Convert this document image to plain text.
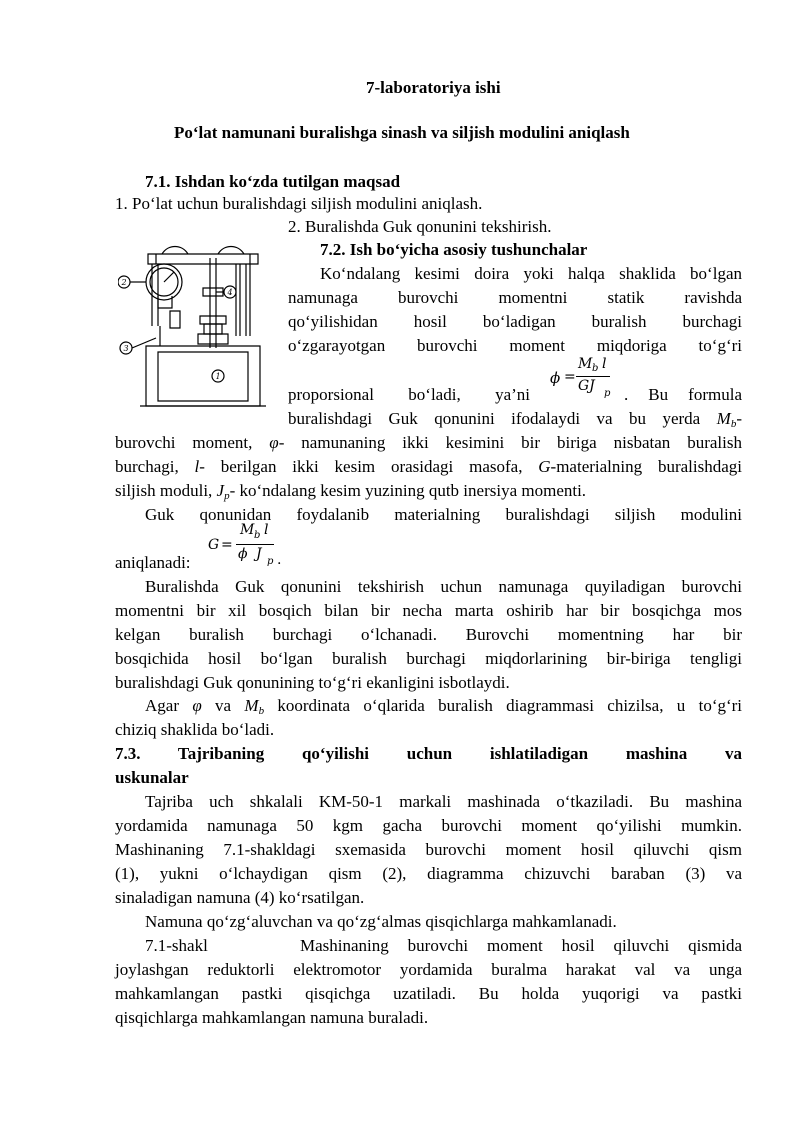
7-laboratoriya ishi
Po‘lat namunani buralishga sinash va siljish modulini aniqlash
7.1. Ishdan ko‘zda tutilgan maqsad
1. Po‘lat uchun buralishdagi siljish modulini aniqlash.
2. Buralishda Guk qonunini tekshirish.
2
4
3
1
7.2. Ish bo‘yicha asosiy tushunchalar
Ko‘ndalang kesimi doira yoki halqa shaklida bo‘lgan
namunaga burovchi momentni statik ravishda
qo‘yilishidan hosil bo‘ladigan buralish burchagi
o‘zgarayotgan burovchi moment miqdoriga to‘g‘ri
proporsional bo‘ladi, ya’ni
ϕ =
M b l
GJ p . Bu formula
buralishdagi Guk qonunini ifodalaydi va bu yerda $M_b-$
burovchi moment, φ- namunaning ikki kesimini bir biriga nisbatan buralish
burchagi, l- berilgan ikki kesim orasidagi masofa, G-materialning buralishdagi
siljish moduli, $J_p-$ ko‘ndalang kesim yuzining qutb inersiya momenti.
Guk qonunidan foydalanib materialning buralishdagi siljish modulini
aniqlanadi:
G =
M b l
ϕ J p .
Buralishda Guk qonunini tekshirish uchun namunaga quyiladigan burovchi
momentni bir xil bosqich bilan bir necha marta oshirib har bir bosqichga mos
kelgan buralish burchagi o‘lchanadi. Burovchi momentning har bir
bosqichida hosil bo‘lgan buralish burchagi miqdorlarining bir-biriga tengligi
buralishdagi Guk qonunining to‘g‘ri ekanligini isbotlaydi.
Agar φ va $M_b$ koordinata o‘qlarida buralish diagrammasi chizilsa, u to‘g‘ri
chiziq shaklida bo‘ladi.
7.3. Tajribaning qo‘yilishi uchun ishlatiladigan mashina va
uskunalar
Tajriba uch shkalali KM-50-1 markali mashinada o‘tkaziladi. Bu mashina
yordamida namunaga 50 kgm gacha burovchi moment qo‘yilishi mumkin.
Mashinaning 7.1-shakldagi sxemasida burovchi moment hosil qiluvchi qism
(1), yukni o‘lchaydigan qism (2), diagramma chizuvchi baraban (3) va
sinaladigan namuna (4) ko‘rsatilgan.
Namuna qo‘zg‘aluvchan va qo‘zg‘almas qisqichlarga mahkamlanadi.
7.1-shakl	Mashinaning burovchi moment hosil qiluvchi qismida
joylashgan reduktorli elektromotor yordamida buralma harakat val va unga
mahkamlangan pastki qisqichga uzatiladi. Bu holda yuqorigi va pastki
qisqichlarga mahkamlangan namuna buraladi.
